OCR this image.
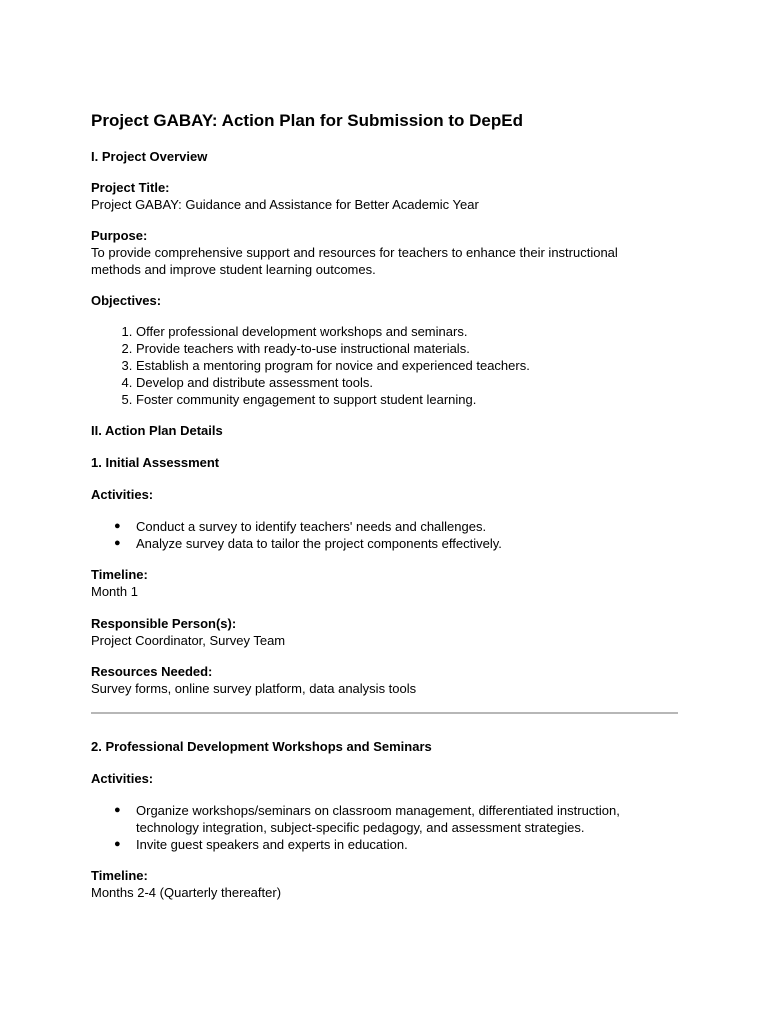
Project GABAY: Action Plan for Submission to DepEd
I. Project Overview

Project Title:

Project GABAY: Guidance and Assistance for Better Academic Year

Purpose:

To provide comprehensive support and resources for teachers to enhance their instructional

methods and improve student learning outcomes.

Objectives:

1. Offer professional development workshops and seminars.
2. Provide teachers with ready-to-use instructional materials.
3. Establish a mentoring program for novice and experienced teachers.
4. Develop and distribute assessment tools.
5. Foster community engagement to support student learning.
II. Action Plan Details
1. Initial Assessment

Activities:

● Conduct a survey to identify teachers' needs and challenges.
● Analyze survey data to tailor the project components effectively.

Timeline:

Month 1

Responsible Person(s):

Project Coordinator, Survey Team

Resources Needed:

Survey forms, online survey platform, data analysis tools

2. Professional Development Workshops and Seminars

Activities:

● Organize workshops/seminars on classroom management, differentiated instruction,
technology integration, subject-specific pedagogy, and assessment strategies.
● Invite guest speakers and experts in education.

Timeline:

Months 2-4 (Quarterly thereafter)
